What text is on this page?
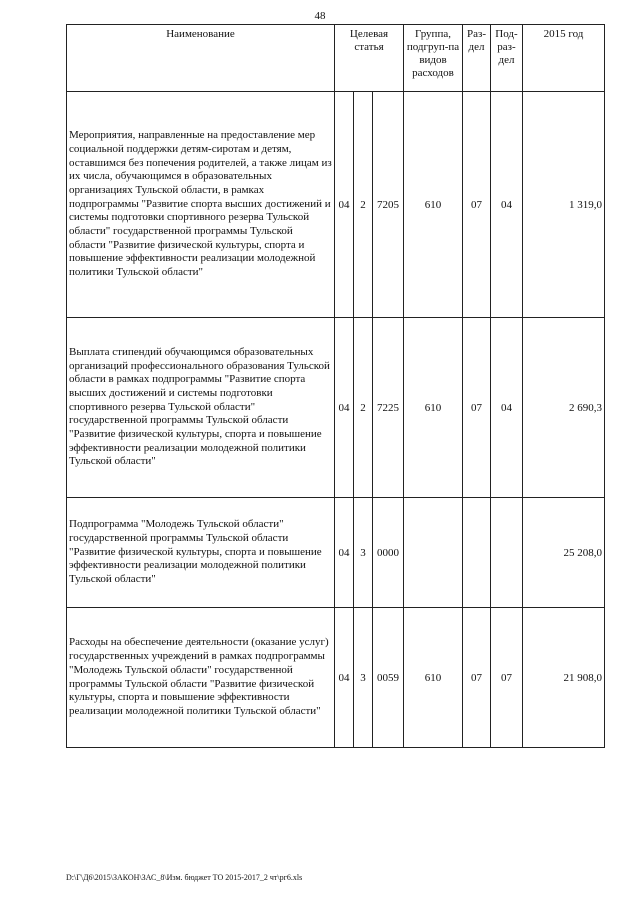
48
Наименование	Целевая статья			Группа, подгруп-па видов расходов	Раз-дел	Под-раз-дел	2015 год
Мероприятия, направленные на предоставление мер социальной поддержки детям-сиротам и детям, оставшимся без попечения родителей, а также лицам из их числа, обучающимся в образовательных организациях Тульской области, в рамках подпрограммы "Развитие спорта высших достижений и системы подготовки спортивного резерва Тульской области" государственной программы Тульской области "Развитие физической культуры, спорта и повышение эффективности реализации молодежной политики Тульской области"	04	2	7205	610	07	04	1 319,0
Выплата стипендий обучающимся образовательных организаций профессионального образования Тульской области в рамках подпрограммы "Развитие спорта высших достижений и системы подготовки спортивного резерва Тульской области" государственной программы Тульской области "Развитие физической культуры, спорта и повышение эффективности реализации молодежной политики Тульской области"	04	2	7225	610	07	04	2 690,3
Подпрограмма "Молодежь Тульской области" государственной программы Тульской области "Развитие физической культуры, спорта и повышение эффективности реализации молодежной политики Тульской области"	04	3	0000				25 208,0
Расходы на обеспечение деятельности (оказание услуг) государственных учреждений в рамках подпрограммы "Молодежь Тульской области" государственной программы Тульской области "Развитие физической культуры, спорта и повышение эффективности реализации молодежной политики Тульской области"	04	3	0059	610	07	07	21 908,0
D:\Г\Д6\2015\ЗАКОН\ЗАС_8\Изм. бюджет ТО 2015-2017_2 чт\рг6.xls
